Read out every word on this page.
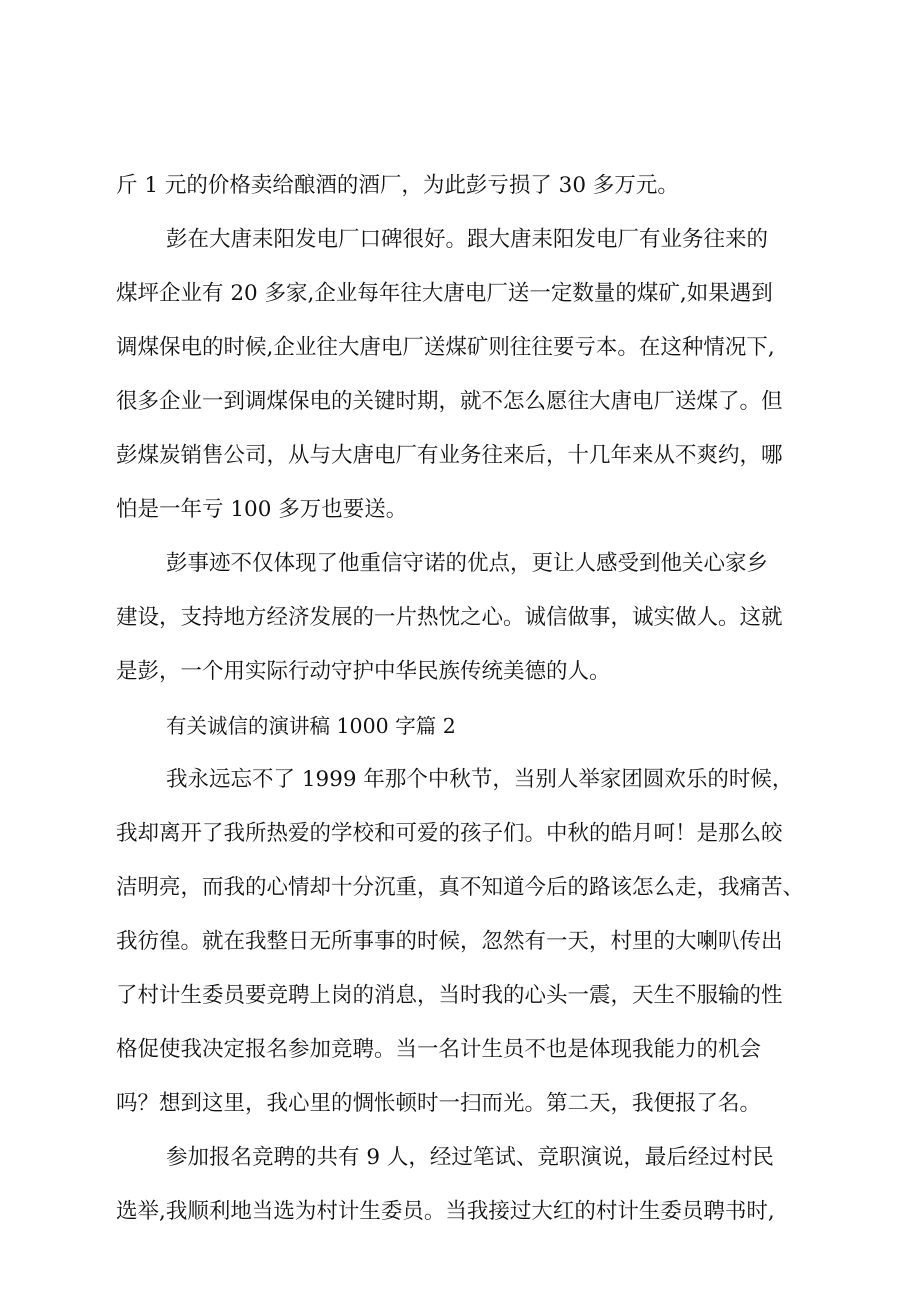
斤 1 元的价格卖给酿酒的酒厂，为此彭亏损了 30 多万元。

彭在大唐耒阳发电厂口碑很好。跟大唐耒阳发电厂有业务往来的

煤坪企业有 20 多家,企业每年往大唐电厂送一定数量的煤矿,如果遇到

调煤保电的时候,企业往大唐电厂送煤矿则往往要亏本。在这种情况下,

很多企业一到调煤保电的关键时期，就不怎么愿往大唐电厂送煤了。但

彭煤炭销售公司，从与大唐电厂有业务往来后，十几年来从不爽约，哪

怕是一年亏 100 多万也要送。

彭事迹不仅体现了他重信守诺的优点，更让人感受到他关心家乡

建设，支持地方经济发展的一片热忱之心。诚信做事，诚实做人。这就

是彭，一个用实际行动守护中华民族传统美德的人。

有关诚信的演讲稿 1000 字篇 2

我永远忘不了 1999 年那个中秋节，当别人举家团圆欢乐的时候，

我却离开了我所热爱的学校和可爱的孩子们。中秋的皓月呵！是那么皎

洁明亮，而我的心情却十分沉重，真不知道今后的路该怎么走，我痛苦、

我彷徨。就在我整日无所事事的时候，忽然有一天，村里的大喇叭传出

了村计生委员要竞聘上岗的消息，当时我的心头一震，天生不服输的性

格促使我决定报名参加竞聘。当一名计生员不也是体现我能力的机会

吗？想到这里，我心里的惆怅顿时一扫而光。第二天，我便报了名。

参加报名竞聘的共有 9 人，经过笔试、竞职演说，最后经过村民

选举,我顺利地当选为村计生委员。当我接过大红的村计生委员聘书时,
